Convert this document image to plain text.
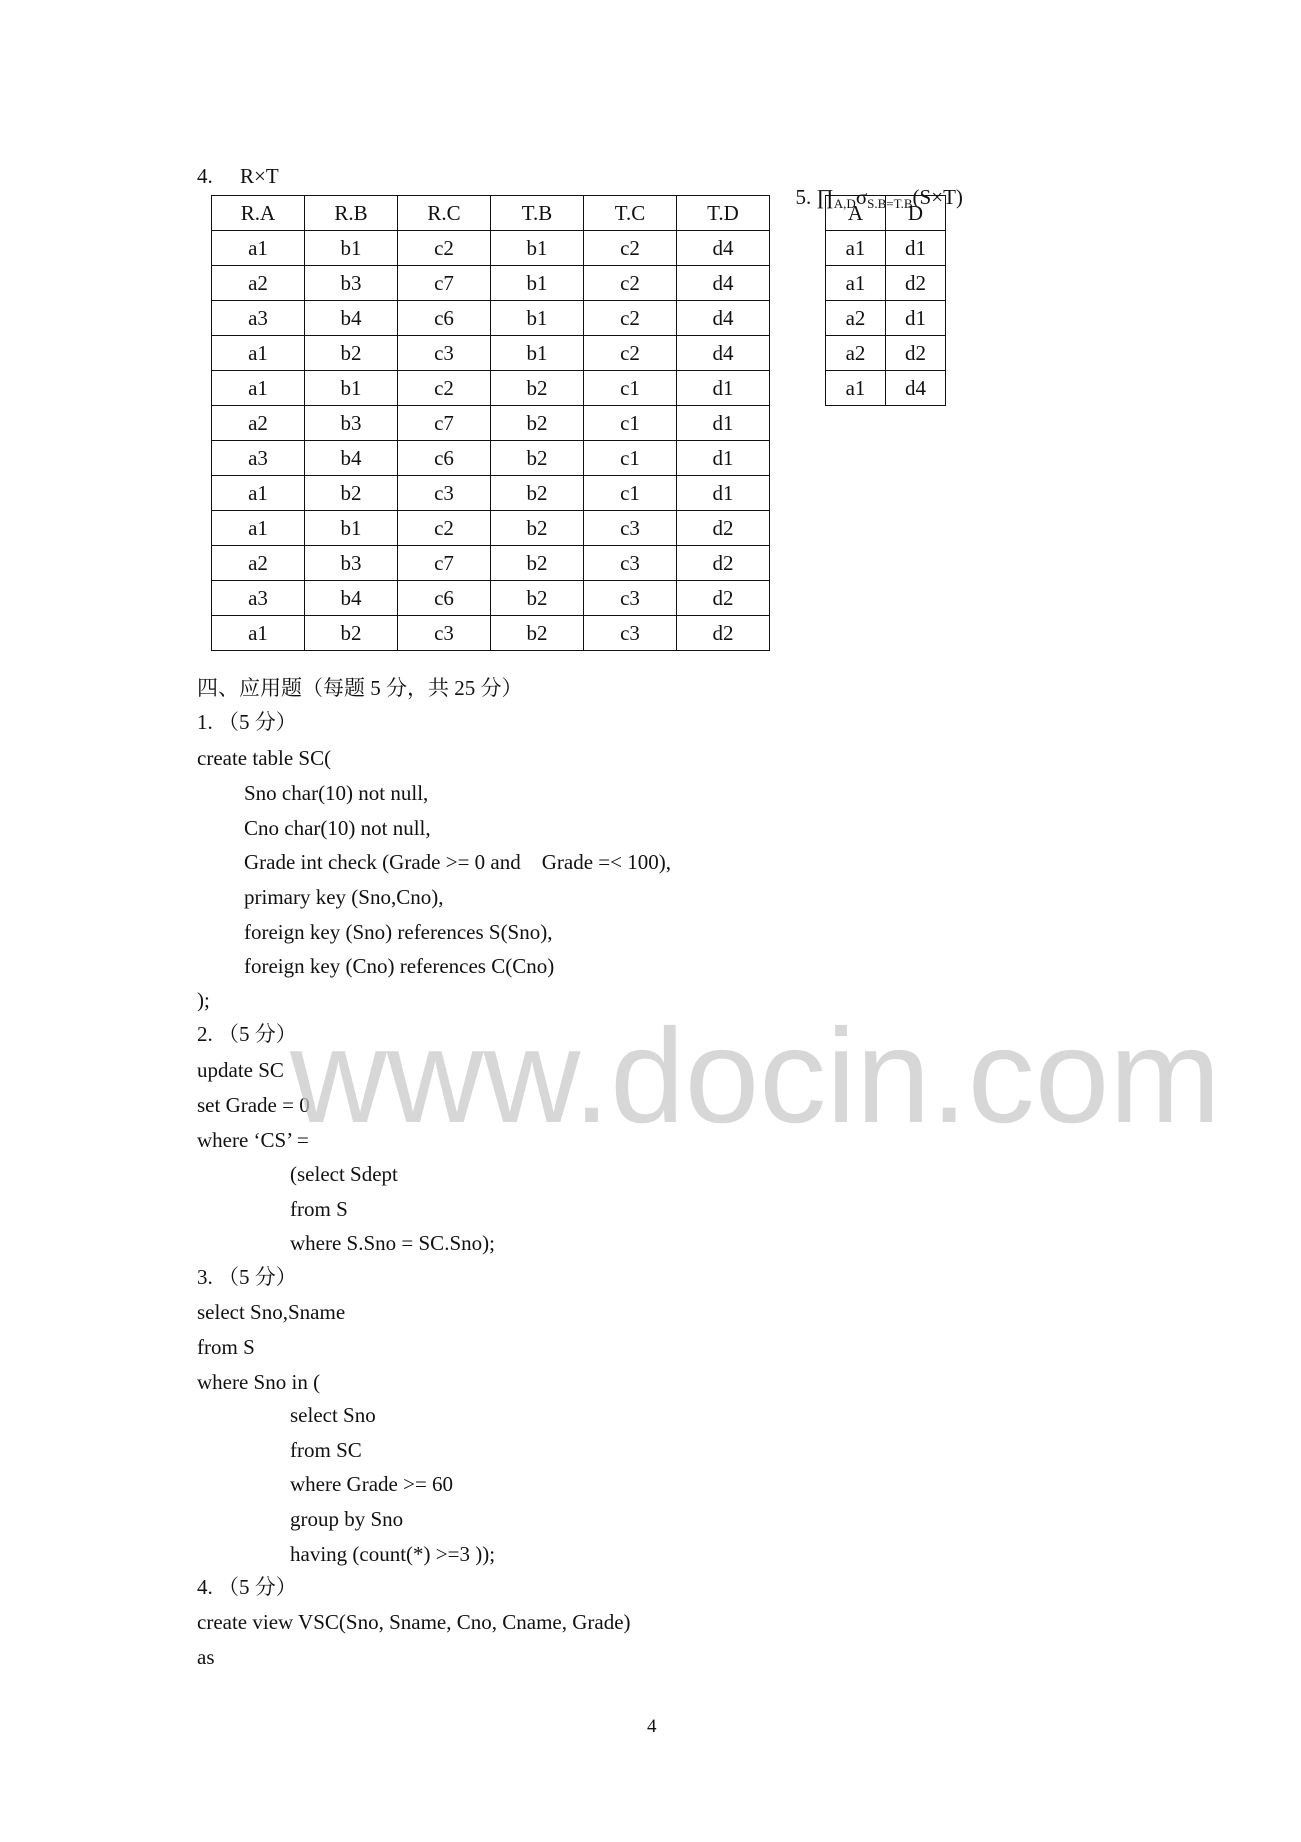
4. R×T
R.A	R.B	R.C	T.B	T.C	T.D
a1	b1	c2	b1	c2	d4
a2	b3	c7	b1	c2	d4
a3	b4	c6	b1	c2	d4
a1	b2	c3	b1	c2	d4
a1	b1	c2	b2	c1	d1
a2	b3	c7	b2	c1	d1
a3	b4	c6	b2	c1	d1
a1	b2	c3	b2	c1	d1
a1	b1	c2	b2	c3	d2
a2	b3	c7	b2	c3	d2
a3	b4	c6	b2	c3	d2
a1	b2	c3	b2	c3	d2

5. $\prod_{A,D}\sigma_{S.B=T.B}(S\times T)$

A	D
a1	d1
a1	d2
a2	d1
a2	d2
a1	d4
四、应用题（每题 5 分，共 25 分）
1. （5 分）
create table SC(
Sno char(10) not null,
Cno char(10) not null,
Grade int check (Grade >= 0 and    Grade =< 100),
primary key (Sno,Cno),
foreign key (Sno) references S(Sno),
foreign key (Cno) references C(Cno)
);
2. （5 分）
update SC
set Grade = 0
where ‘CS’ =
(select Sdept
from S
where S.Sno = SC.Sno);
3. （5 分）
select Sno,Sname
from S
where Sno in (
select Sno
from SC
where Grade >= 60
group by Sno
having (count(*) >=3 ));
4. （5 分）
create view VSC(Sno, Sname, Cno, Cname, Grade)
as
www.docin.com
4
